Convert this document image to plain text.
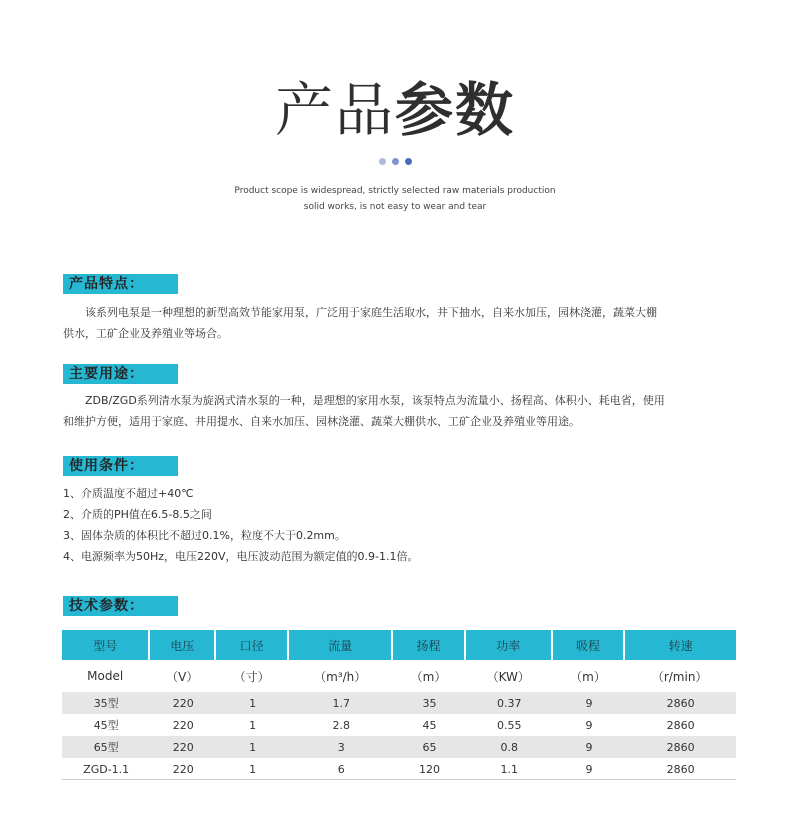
产品参数
Product scope is widespread, strictly selected raw materials production
solid works, is not easy to wear and tear
产品特点：
　　该系列电泵是一种理想的新型高效节能家用泵，广泛用于家庭生活取水，井下抽水，自来水加压，园林浇灌，蔬菜大棚
供水，工矿企业及养殖业等场合。
主要用途：
　　ZDB/ZGD系列清水泵为旋涡式清水泵的一种，是理想的家用水泵，该泵特点为流量小、扬程高、体积小、耗电省，使用
和维护方便，适用于家庭、井用提水、自来水加压、园林浇灌、蔬菜大棚供水、工矿企业及养殖业等用途。
使用条件：
1、介质温度不超过+40℃
2、介质的PH值在6.5-8.5之间
3、固体杂质的体积比不超过0.1%，粒度不大于0.2mm。
4、电源频率为50Hz，电压220V，电压波动范围为额定值的0.9-1.1倍。
技术参数：
型号	电压	口径	流量	扬程	功率	吸程	转速
Model	（V）	（寸）	（m³/h）	（m）	（KW）	（m）	（r/min）
35型	220	1	1.7	35	0.37	9	2860
45型	220	1	2.8	45	0.55	9	2860
65型	220	1	3	65	0.8	9	2860
ZGD-1.1	220	1	6	120	1.1	9	2860
